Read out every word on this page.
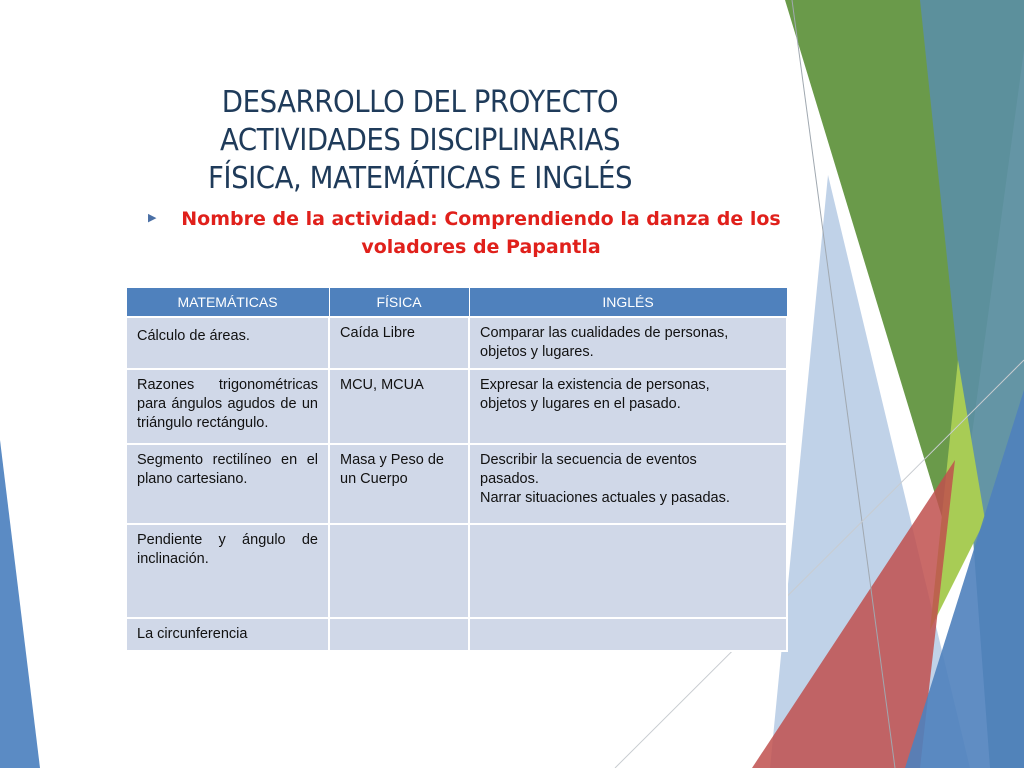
DESARROLLO DEL PROYECTO
ACTIVIDADES DISCIPLINARIAS
FÍSICA, MATEMÁTICAS E INGLÉS
▶	Nombre de la actividad: Comprendiendo la danza de los
voladores de Papantla
MATEMÁTICAS	FÍSICA	INGLÉS
Cálculo de áreas.	Caída Libre	Comparar las cualidades de personas,
objetos y lugares.

Razones trigonométricas para ángulos agudos de un triángulo rectángulo.	MCU, MCUA	Expresar la existencia de personas,
objetos y lugares en el pasado.

Segmento rectilíneo en el plano cartesiano.	Masa y Peso de un Cuerpo	Describir la secuencia de eventos
pasados.
Narrar situaciones actuales y pasadas.

Pendiente y ángulo de inclinación.		
La circunferencia		
